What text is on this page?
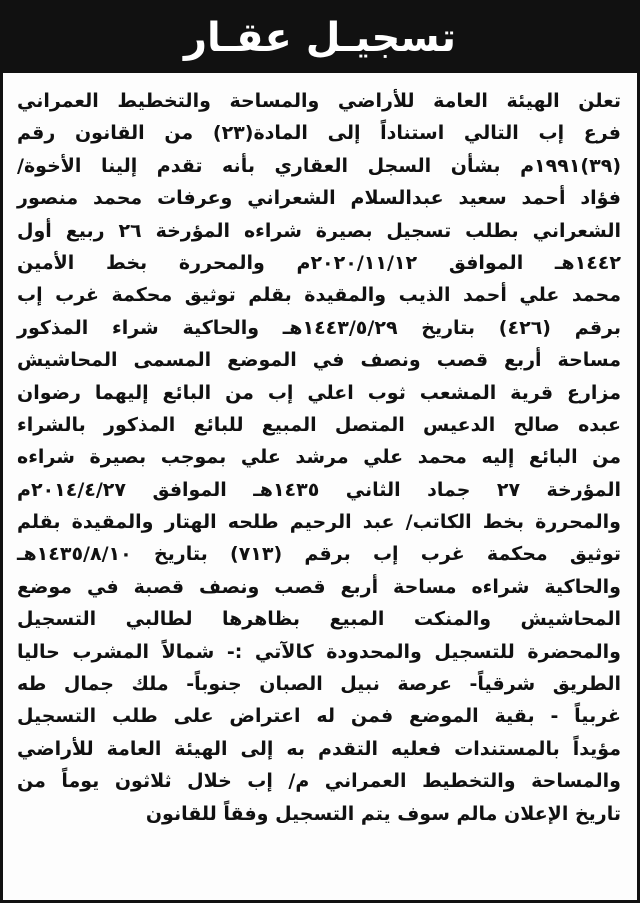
تسجيـل عقـار
تعلن الهيئة العامة للأراضي والمساحة والتخطيط العمراني
فرع إب التالي استناداً إلى المادة(٢٣) من القانون رقم
(٣٩)١٩٩١م بشأن السجل العقاري بأنه تقدم إلينا الأخوة/
فؤاد أحمد سعيد عبدالسلام الشعراني وعرفات محمد منصور
الشعراني بطلب تسجيل بصيرة شراءه المؤرخة ٢٦ ربيع أول
١٤٤٢هـ الموافق ٢٠٢٠/١١/١٢م والمحررة بخط الأمين
محمد علي أحمد الذيب والمقيدة بقلم توثيق محكمة غرب إب
برقم (٤٢٦) بتاريخ ١٤٤٣/٥/٢٩هـ والحاكية شراء المذكور
مساحة أربع قصب ونصف في الموضع المسمى المحاشيش
مزارع قرية المشعب ثوب اعلي إب من البائع إليهما رضوان
عبده صالح الدعيس المتصل المبيع للبائع المذكور بالشراء
من البائع إليه محمد علي مرشد علي بموجب بصيرة شراءه
المؤرخة ٢٧ جماد الثاني ١٤٣٥هـ الموافق ٢٠١٤/٤/٢٧م
والمحررة بخط الكاتب/ عبد الرحيم طلحه الهتار والمقيدة بقلم
توثيق محكمة غرب إب برقم (٧١٣) بتاريخ ١٤٣٥/٨/١٠هـ
والحاكية شراءه مساحة أربع قصب ونصف قصبة في موضع
المحاشيش والمنكت المبيع بظاهرها لطالبي التسجيل
والمحضرة للتسجيل والمحدودة كالآتي :- شمالاً المشرب حاليا
الطريق شرقياً- عرصة نبيل الصبان جنوباً- ملك جمال طه
غربياً - بقية الموضع فمن له اعتراض على طلب التسجيل
مؤيداً بالمستندات فعليه التقدم به إلى الهيئة العامة للأراضي
والمساحة والتخطيط العمراني م/ إب خلال ثلاثون يوماً من
تاريخ الإعلان مالم سوف يتم التسجيل وفقاً للقانون
